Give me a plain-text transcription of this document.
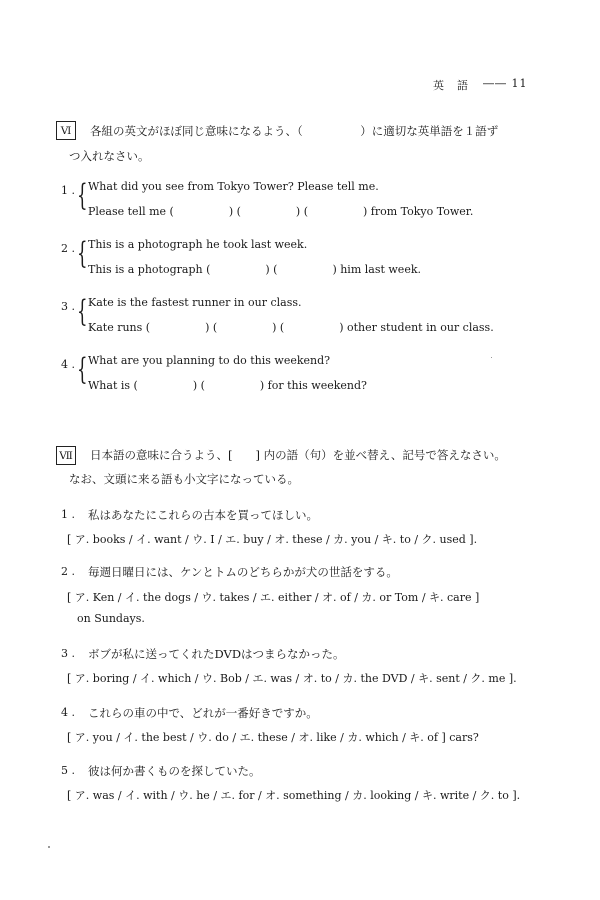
英　語 ―― 11
Ⅵ	各組の英文がほぼ同じ意味になるよう、（　　　　　）に適切な英単語を１語ず
つ入れなさい。
1 . { What did you see from Tokyo Tower? Please tell me.
Please tell me (　　　　　) (　　　　　) (　　　　　) from Tokyo Tower.
2 . { This is a photograph he took last week.
This is a photograph (　　　　　) (　　　　　) him last week.
3 . { Kate is the fastest runner in our class.
Kate runs (　　　　　) (　　　　　) (　　　　　) other student in our class.
4 . { What are you planning to do this weekend?
What is (　　　　　) (　　　　　) for this weekend?
Ⅶ 日本語の意味に合うよう、[　　] 内の語（句）を並べ替え、記号で答えなさい。
なお、文頭に来る語も小文字になっている。
1 . 私はあなたにこれらの古本を買ってほしい。
[ ア. books / イ. want / ウ. I / エ. buy / オ. these / カ. you / キ. to / ク. used ].
2 . 毎週日曜日には、ケンとトムのどちらかが犬の世話をする。
[ ア. Ken / イ. the dogs / ウ. takes / エ. either / オ. of / カ. or Tom / キ. care ]
on Sundays.
3 . ボブが私に送ってくれたDVDはつまらなかった。
[ ア. boring / イ. which / ウ. Bob / エ. was / オ. to / カ. the DVD / キ. sent / ク. me ].
4 . これらの車の中で、どれが一番好きですか。
[ ア. you / イ. the best / ウ. do / エ. these / オ. like / カ. which / キ. of ] cars?
5 . 彼は何か書くものを探していた。
[ ア. was / イ. with / ウ. he / エ. for / オ. something / カ. looking / キ. write / ク. to ].
